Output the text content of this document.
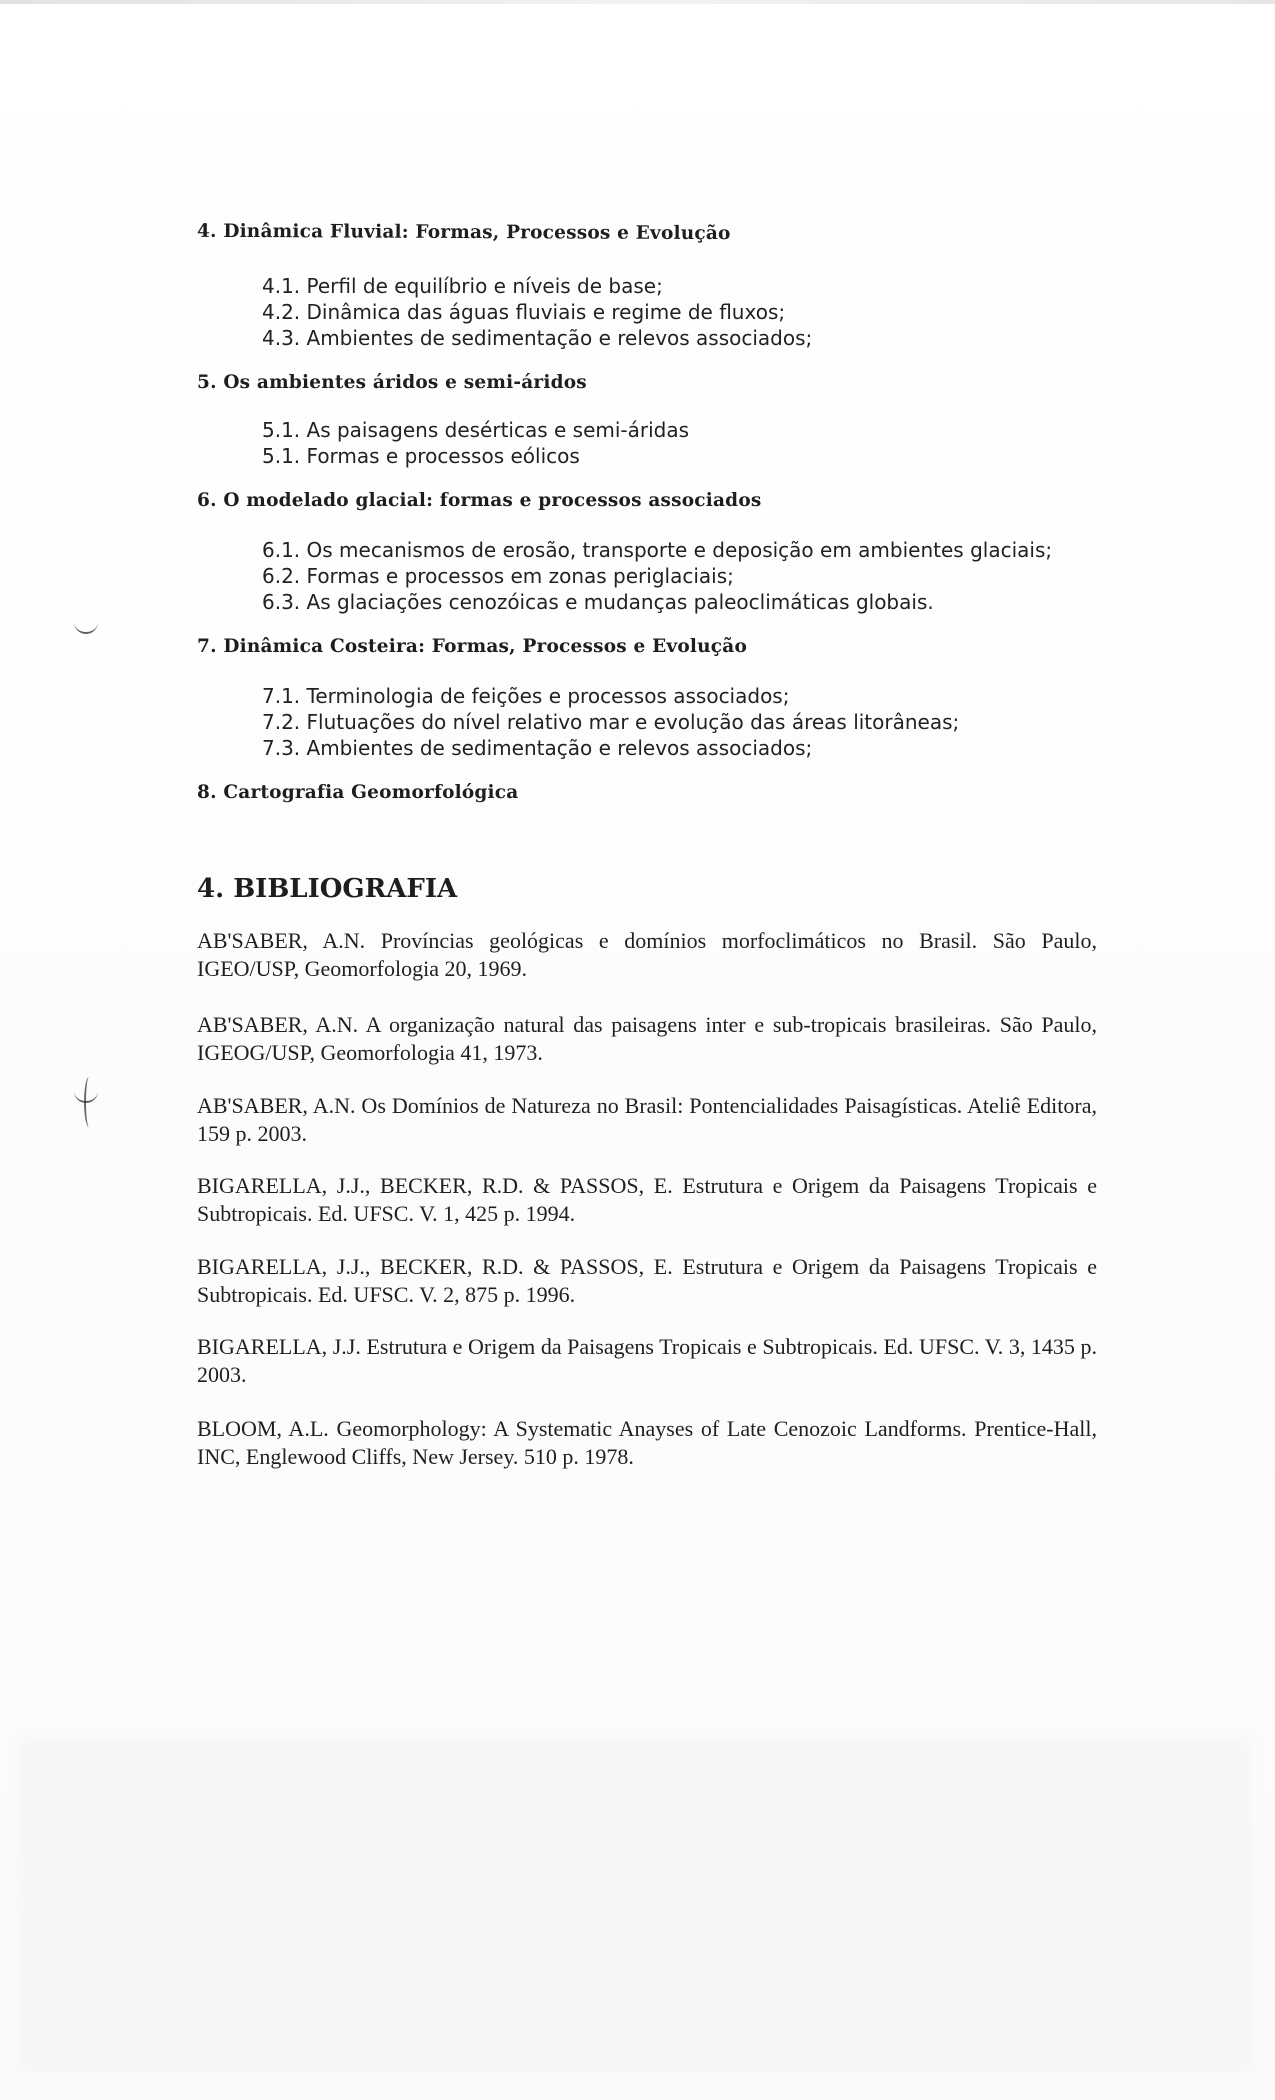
4. Dinâmica Fluvial: Formas, Processos e Evolução
4.1. Perfil de equilíbrio e níveis de base;
4.2. Dinâmica das águas fluviais e regime de fluxos;
4.3. Ambientes de sedimentação e relevos associados;
5. Os ambientes áridos e semi-áridos
5.1. As paisagens desérticas e semi-áridas
5.1. Formas e processos eólicos
6. O modelado glacial: formas e processos associados
6.1. Os mecanismos de erosão, transporte e deposição em ambientes glaciais;
6.2. Formas e processos em zonas periglaciais;
6.3. As glaciações cenozóicas e mudanças paleoclimáticas globais.
7. Dinâmica Costeira: Formas, Processos e Evolução
7.1. Terminologia de feições e processos associados;
7.2. Flutuações do nível relativo mar e evolução das áreas litorâneas;
7.3. Ambientes de sedimentação e relevos associados;
8. Cartografia Geomorfológica
4. BIBLIOGRAFIA
AB'SABER, A.N. Províncias geológicas e domínios morfoclimáticos no Brasil. São Paulo, IGEO/USP, Geomorfologia 20, 1969.
AB'SABER, A.N. A organização natural das paisagens inter e sub-tropicais brasileiras. São Paulo, IGEOG/USP, Geomorfologia 41, 1973.
AB'SABER, A.N. Os Domínios de Natureza no Brasil: Pontencialidades Paisagísticas. Ateliê Editora, 159 p. 2003.
BIGARELLA, J.J., BECKER, R.D. & PASSOS, E. Estrutura e Origem da Paisagens Tropicais e Subtropicais. Ed. UFSC. V. 1, 425 p. 1994.
BIGARELLA, J.J., BECKER, R.D. & PASSOS, E. Estrutura e Origem da Paisagens Tropicais e Subtropicais. Ed. UFSC. V. 2, 875 p. 1996.
BIGARELLA, J.J. Estrutura e Origem da Paisagens Tropicais e Subtropicais. Ed. UFSC. V. 3, 1435 p. 2003.
BLOOM, A.L. Geomorphology: A Systematic Anayses of Late Cenozoic Landforms. Prentice-Hall, INC, Englewood Cliffs, New Jersey. 510 p. 1978.
